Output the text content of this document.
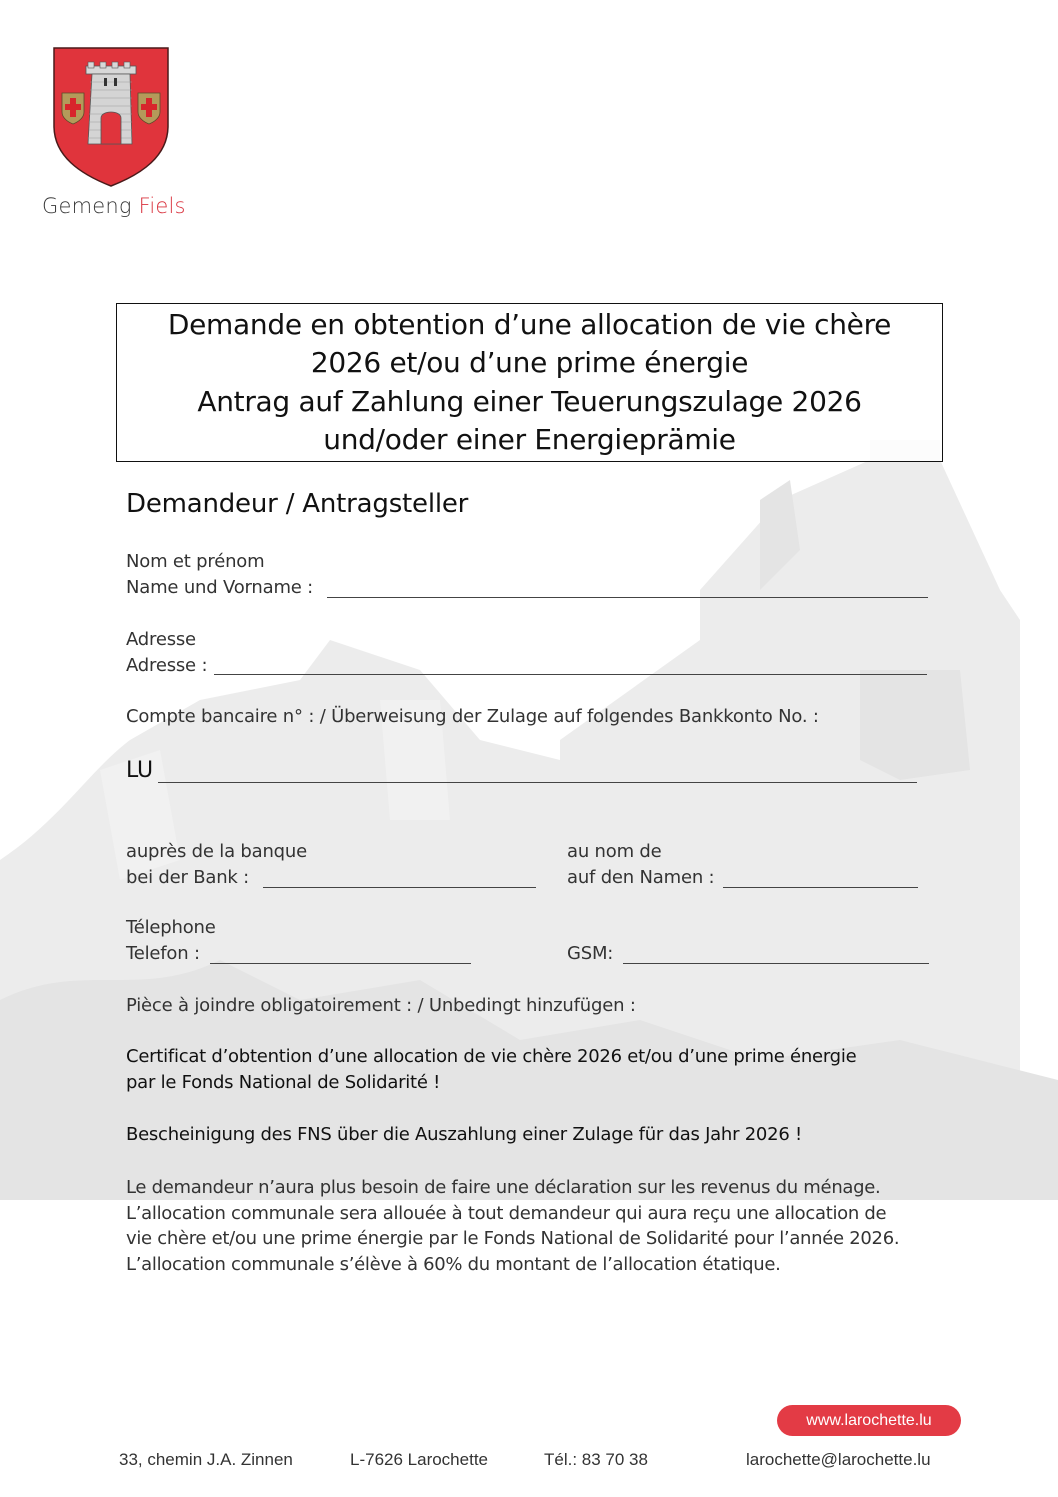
Gemeng Fiels
Demande en obtention d’une allocation de vie chère
2026 et/ou d’une prime énergie
Antrag auf Zahlung einer Teuerungszulage 2026
und/oder einer Energieprämie
Demandeur / Antragsteller
Nom et prénom
Name und Vorname :
Adresse
Adresse :
Compte bancaire n° : / Überweisung der Zulage auf folgendes Bankkonto No. :
LU
auprès de la banque
bei der Bank :
au nom de
auf den Namen :
Télephone
Telefon :	GSM:
Pièce à joindre obligatoirement : / Unbedingt hinzufügen :
Certificat d’obtention d’une allocation de vie chère 2026 et/ou d’une prime énergie
par le Fonds National de Solidarité !
Bescheinigung des FNS über die Auszahlung einer Zulage für das Jahr 2026 !
Le demandeur n’aura plus besoin de faire une déclaration sur les revenus du ménage.
L’allocation communale sera allouée à tout demandeur qui aura reçu une allocation de
vie chère et/ou une prime énergie par le Fonds National de Solidarité pour l’année 2026.
L’allocation communale s’élève à 60% du montant de l’allocation étatique.
www.larochette.lu
33, chemin J.A. Zinnen	L-7626 Larochette	Tél.: 83 70 38	larochette@larochette.lu
